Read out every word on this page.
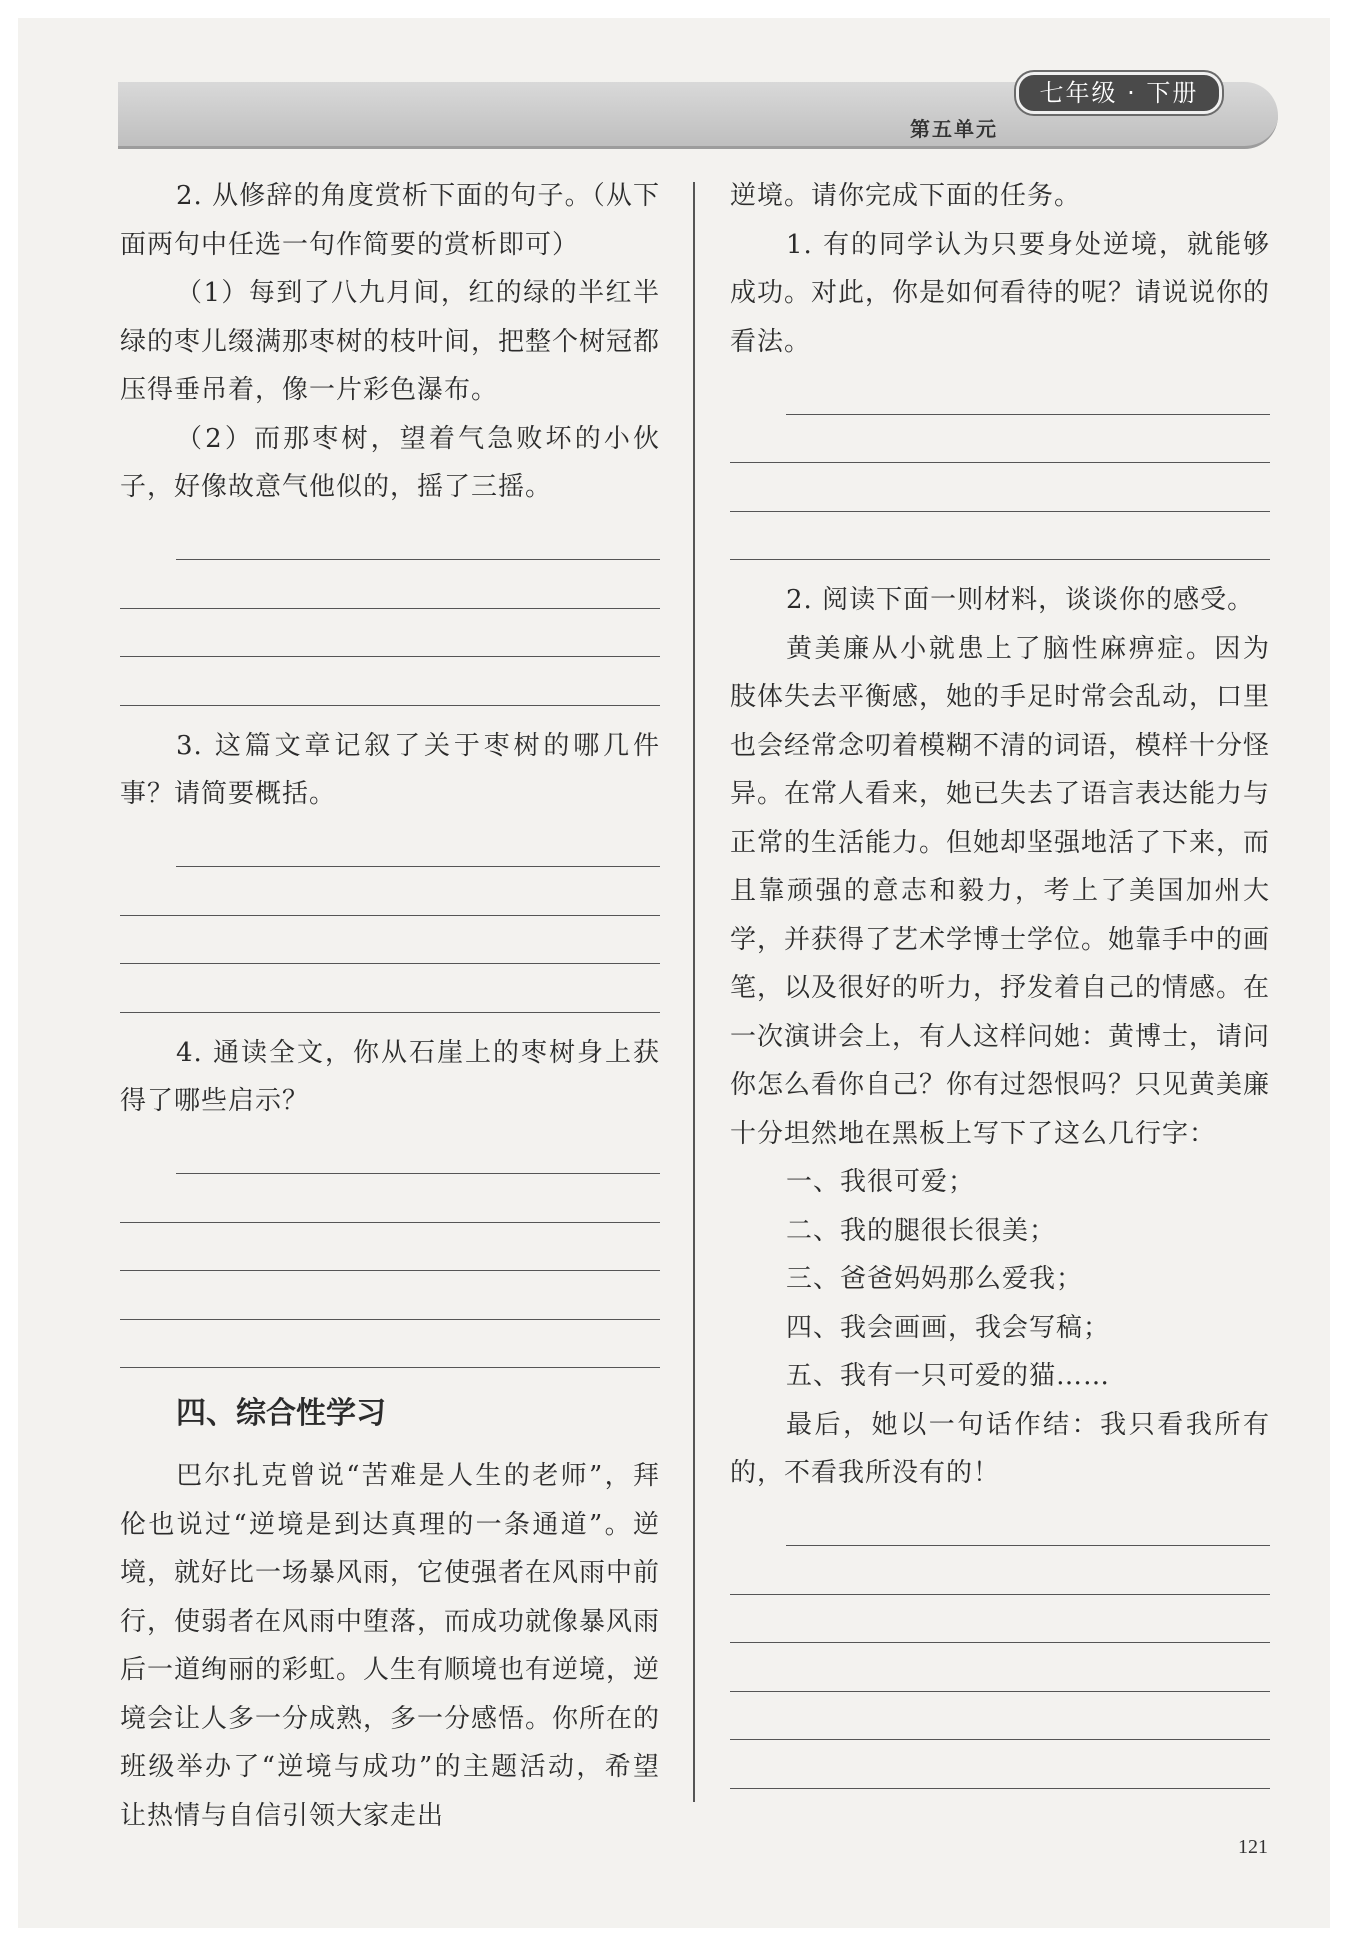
七年级 · 下册
第五单元

2. 从修辞的角度赏析下面的句子。（从下面两句中任选一句作简要的赏析即可）

（1）每到了八九月间，红的绿的半红半绿的枣儿缀满那枣树的枝叶间，把整个树冠都压得垂吊着，像一片彩色瀑布。

（2）而那枣树，望着气急败坏的小伙子，好像故意气他似的，摇了三摇。

3. 这篇文章记叙了关于枣树的哪几件事？请简要概括。

4. 通读全文，你从石崖上的枣树身上获得了哪些启示？

四、综合性学习

巴尔扎克曾说“苦难是人生的老师”，拜伦也说过“逆境是到达真理的一条通道”。逆境，就好比一场暴风雨，它使强者在风雨中前行，使弱者在风雨中堕落，而成功就像暴风雨后一道绚丽的彩虹。人生有顺境也有逆境，逆境会让人多一分成熟，多一分感悟。你所在的班级举办了“逆境与成功”的主题活动，希望让热情与自信引领大家走出

逆境。请你完成下面的任务。

1. 有的同学认为只要身处逆境，就能够成功。对此，你是如何看待的呢？请说说你的看法。

2. 阅读下面一则材料，谈谈你的感受。

黄美廉从小就患上了脑性麻痹症。因为肢体失去平衡感，她的手足时常会乱动，口里也会经常念叨着模糊不清的词语，模样十分怪异。在常人看来，她已失去了语言表达能力与正常的生活能力。但她却坚强地活了下来，而且靠顽强的意志和毅力，考上了美国加州大学，并获得了艺术学博士学位。她靠手中的画笔，以及很好的听力，抒发着自己的情感。在一次演讲会上，有人这样问她：黄博士，请问你怎么看你自己？你有过怨恨吗？只见黄美廉十分坦然地在黑板上写下了这么几行字：

一、我很可爱；

二、我的腿很长很美；

三、爸爸妈妈那么爱我；

四、我会画画，我会写稿；

五、我有一只可爱的猫……

最后，她以一句话作结：我只看我所有的，不看我所没有的！

121
